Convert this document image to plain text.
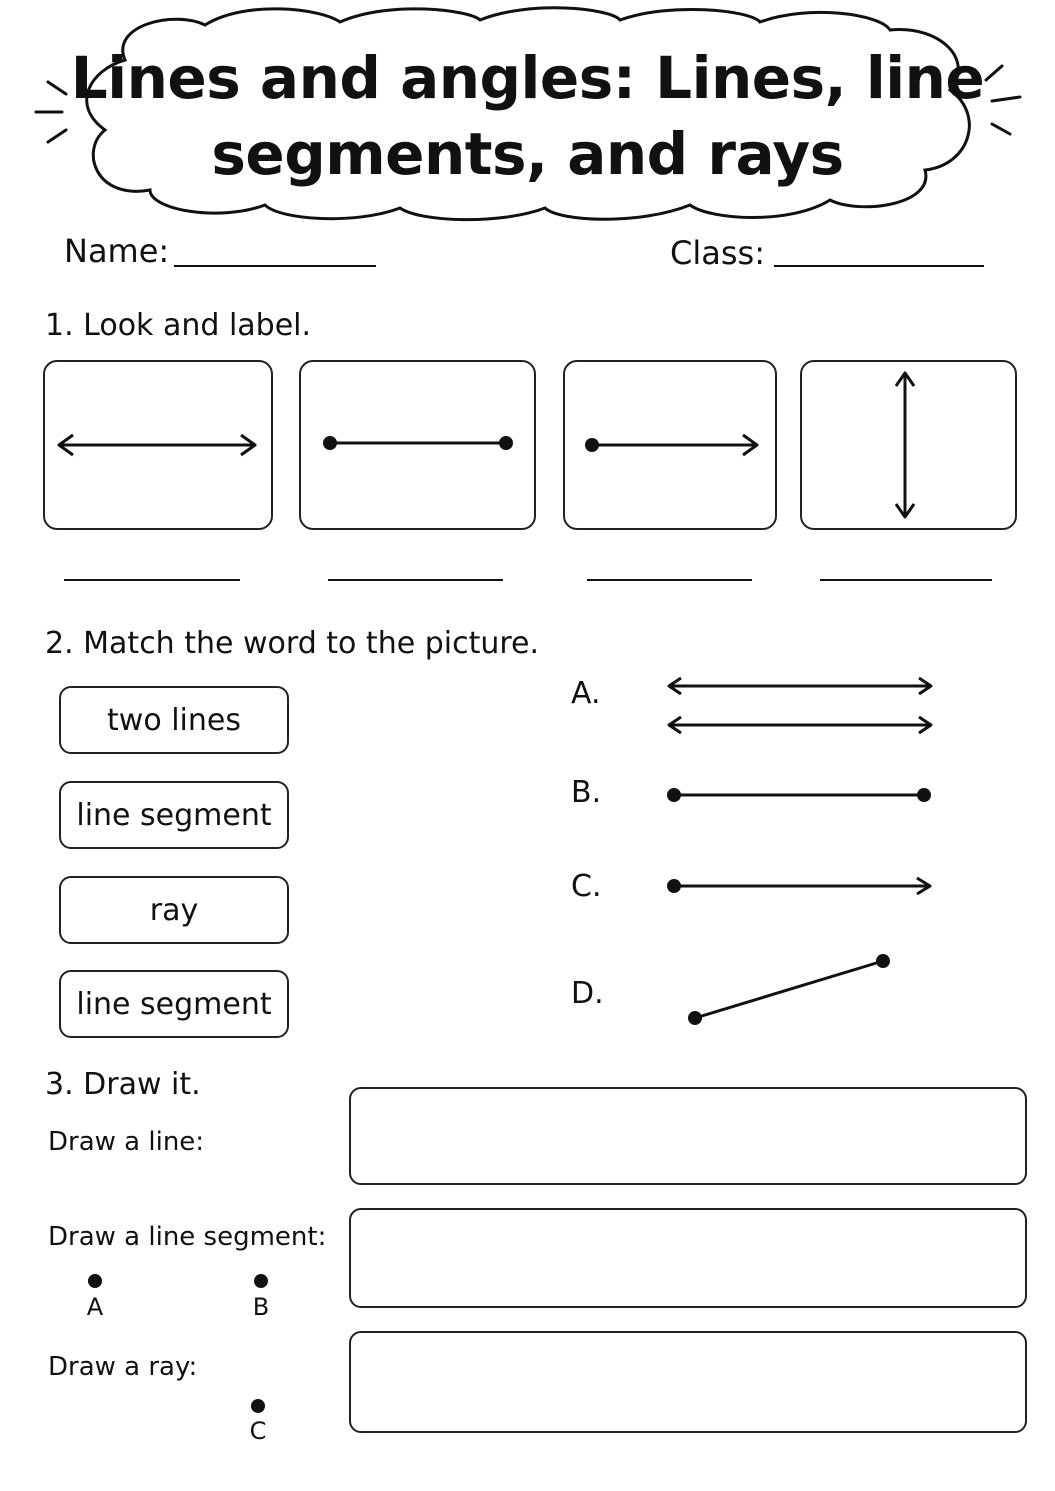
Lines and angles: Lines, line
segments, and rays
Name:	Class:
1. Look and label.
2. Match the word to the picture.
two lines
line segment
ray
line segment
A.
B.
C.
D.
3. Draw it.
Draw a line:
Draw a line segment:
A	B
Draw a ray:
C
